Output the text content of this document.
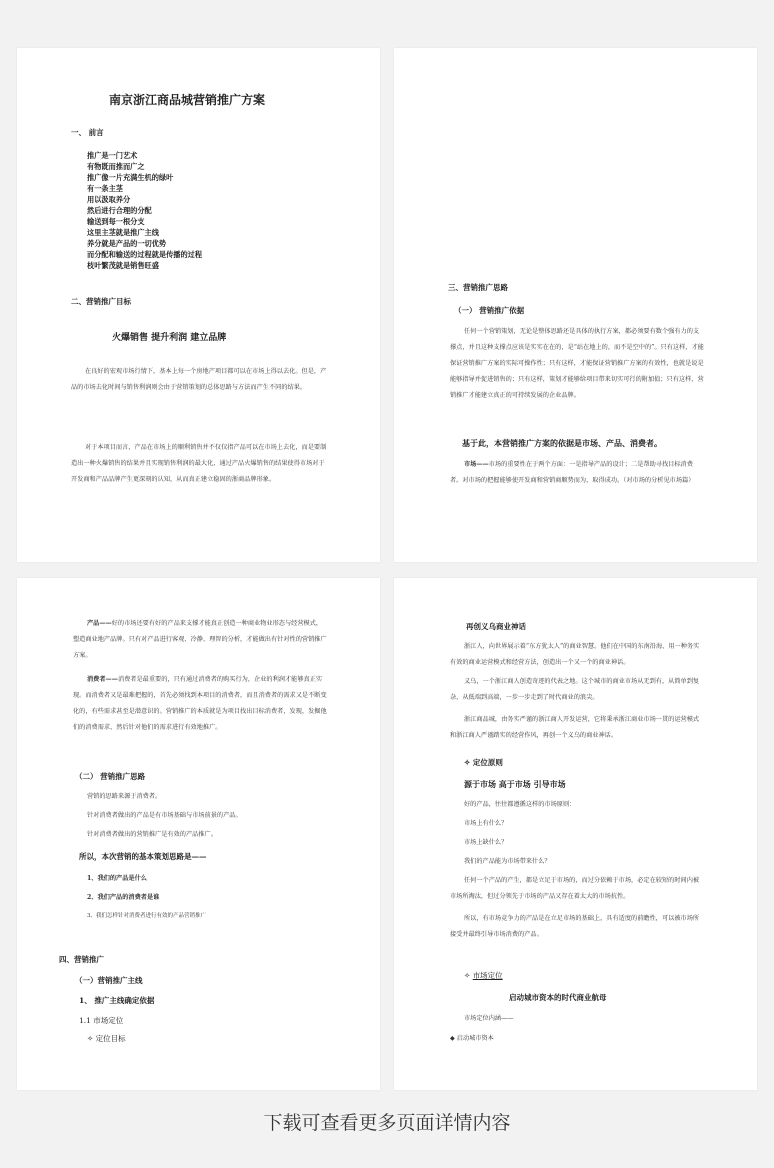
南京浙江商品城营销推广方案
一、 前言
推广是一门艺术
有物既而推而广之
推广像一片充满生机的绿叶
有一条主茎
用以汲取养分
然后进行合理的分配
输送到每一根分支
这里主茎就是推广主线
养分就是产品的一切优势
而分配和输送的过程就是传播的过程
枝叶繁茂就是销售旺盛
二、营销推广目标
火爆销售 提升利润 建立品牌
在良好的宏观市场行情下，基本上每一个房地产项目都可以在市场上得以去化。但是，产品的市场去化时间与销售利润则会由于营销策划的总体思路与方法而产生不同的结果。
对于本项目而言，产品在市场上的顺利销售并不仅仅指产品可以在市场上去化，而是要制造出一种火爆销售的结果并且实现销售利润的最大化，通过产品火爆销售的结果使得市场对于开发商和产品品牌产生更深刻的认知，从而真正建立稳固的浙商品牌形象。
三、营销推广思路
（一） 营销推广依据
任何一个营销策划，无论是整体思路还是具体的执行方案，都必须要有数个强有力的支撑点，并且这种支撑点应该是实实在在的，是“站在地上的，而不是空中的”。只有这样，才能保证营销推广方案的实际可操作性；只有这样，才能保证营销推广方案的有效性，也就是说是能够指导并促进销售的；只有这样，策划才能够给项目带来切实可行的附加值；只有这样，营销推广才能建立真正的可持续发展的企业品牌。
基于此，本营销推广方案的依据是市场、产品、消费者。
市场——市场的重要性在于两个方面：一是指导产品的设计；二是帮助寻找目标消费者。对市场的把握能够使开发商和营销商顺势而为，取得成功。（对市场的分析见市场篇）
产品——好的市场还要有好的产品来支撑才能真正创造一种商业物业形态与经营模式，塑造商业地产品牌。只有对产品进行客观、冷静、理智的分析，才能做出有针对性的营销推广方案。
消费者——消费者是最重要的，只有通过消费者的购买行为，企业的利润才能够真正实现。而消费者又是最难把握的，首先必须找到本项目的消费者，而且消费者的需求又是不断变化的，有些需求甚至是潜意识的。营销推广的本质就是为项目找出目标消费者，发现，发掘他们的消费需求，然后针对他们的需求进行有效地推广。
（二） 营销推广思路
营销的思路来源于消费者。
针对消费者做出的产品是有市场基础与市场前景的产品。
针对消费者做出的营销推广是有效的产品推广。
所以，本次营销的基本策划思路是——
1、我们的产品是什么
2、我们产品的消费者是谁
3、我们怎样针对消费者进行有效的产品营销推广
四、营销推广
（一）营销推广主线
1、 推广主线确定依据
1.1 市场定位
✧ 定位目标
再创义乌商业神话
浙江人，向世界展示着“东方犹太人”的商业智慧。他们在中国的东南沿海，用一种务实有效的商业运营模式和经营方法，创造出一个又一个的商业神话。
义乌，一个浙江商人创造奇迹的代表之地。这个城市的商业市场从无到有，从简单到复杂，从低端到高端，一步一步走到了时代商业的浪尖。
浙江商品城，由务实严谨的浙江商人开发运营，它将秉承浙江商业市场一贯的运营模式和浙江商人严谨踏实的经营作风，再创一个义乌的商业神话。
✧ 定位原则
源于市场 高于市场 引导市场
好的产品，往往都遵循这样的市场原则：
市场上有什么？
市场上缺什么？
我们的产品能为市场带来什么？
任何一个产品的产生，都是立足于市场的，而过分依赖于市场，必定在较短的时间内被市场所淘汰，但过分领先于市场的产品又存在着太大的市场抗性。
所以，有市场竞争力的产品是在立足市场的基础上，具有适度的前瞻性，可以被市场所接受并最终引导市场消费的产品。
✧ 市场定位
启动城市资本的时代商业航母
市场定位内涵——
◆ 启动城市资本
下载可查看更多页面详情内容
